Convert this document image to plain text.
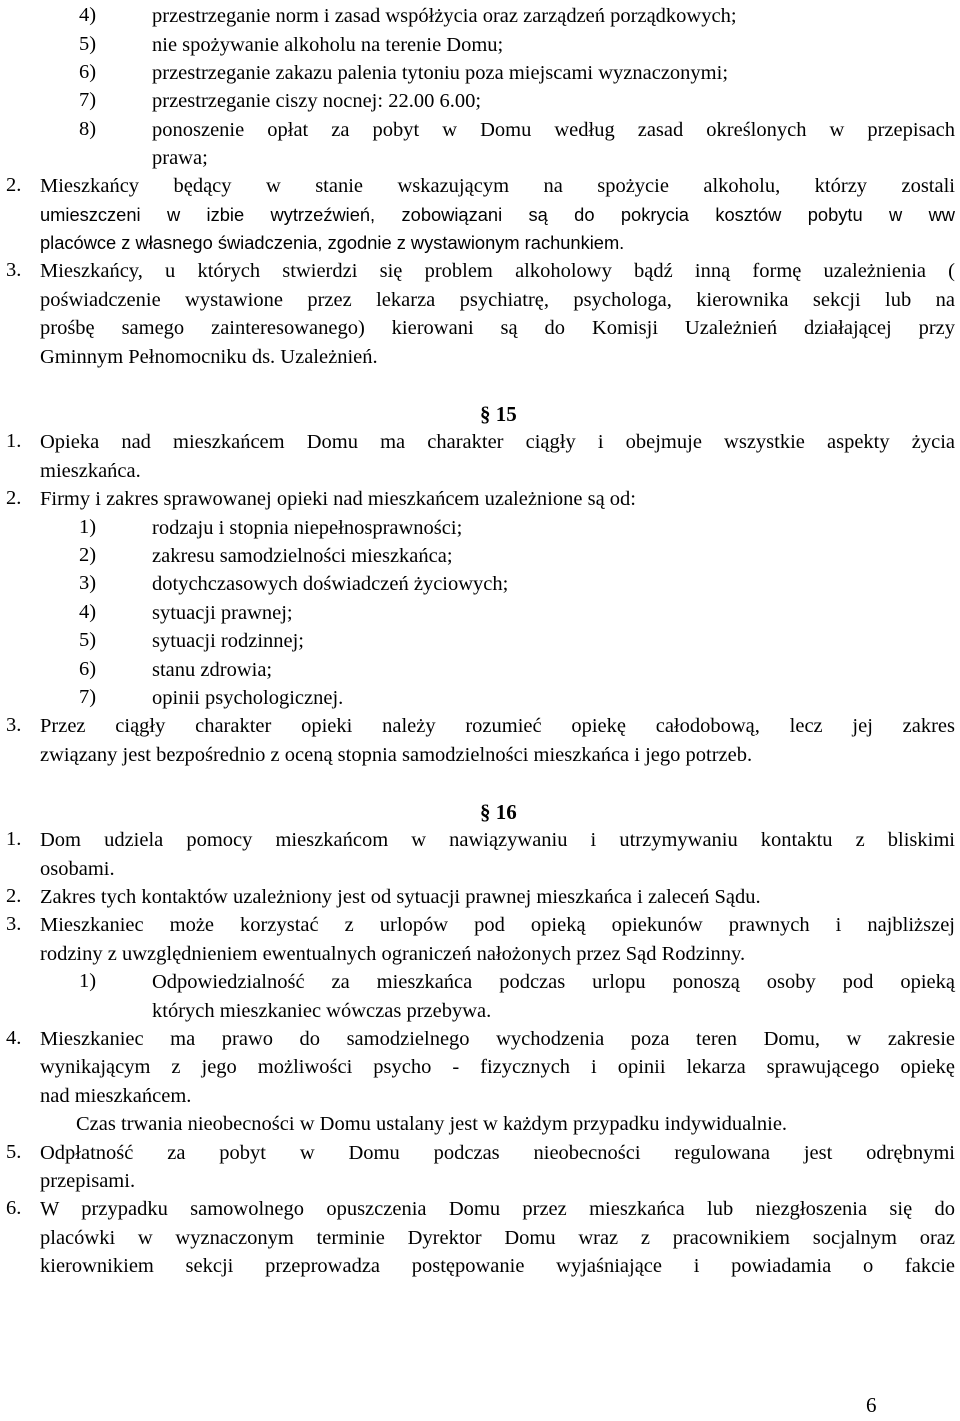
4)	przestrzeganie norm i zasad współżycia oraz zarządzeń porządkowych;
5)	nie spożywanie alkoholu na terenie Domu;
6)	przestrzeganie zakazu palenia tytoniu poza miejscami wyznaczonymi;
7)	przestrzeganie ciszy nocnej: 22.00 6.00;
8)	ponoszenie opłat za pobyt w Domu według zasad określonych w przepisach
prawa;
2. Mieszkańcy będący w stanie wskazującym na spożycie alkoholu, którzy zostali
umieszczeni w izbie wytrzeźwień, zobowiązani są do pokrycia kosztów pobytu w ww
placówce z własnego świadczenia, zgodnie z wystawionym rachunkiem.
3. Mieszkańcy, u których stwierdzi się problem alkoholowy bądź inną formę uzależnienia (
poświadczenie wystawione przez lekarza psychiatrę, psychologa, kierownika sekcji lub na
prośbę samego zainteresowanego) kierowani są do Komisji Uzależnień działającej przy
Gminnym Pełnomocniku ds. Uzależnień.
§ 15
1. Opieka nad mieszkańcem Domu ma charakter ciągły i obejmuje wszystkie aspekty życia
mieszkańca.
2. Firmy i zakres sprawowanej opieki nad mieszkańcem uzależnione są od:
1)	rodzaju i stopnia niepełnosprawności;
2)	zakresu samodzielności mieszkańca;
3)	dotychczasowych doświadczeń życiowych;
4)	sytuacji prawnej;
5)	sytuacji rodzinnej;
6)	stanu zdrowia;
7)	opinii psychologicznej.
3. Przez ciągły charakter opieki należy rozumieć opiekę całodobową, lecz jej zakres
związany jest bezpośrednio z oceną stopnia samodzielności mieszkańca i jego potrzeb.
§ 16
1. Dom udziela pomocy mieszkańcom w nawiązywaniu i utrzymywaniu kontaktu z bliskimi
osobami.
2. Zakres tych kontaktów uzależniony jest od sytuacji prawnej mieszkańca i zaleceń Sądu.
3. Mieszkaniec może korzystać z urlopów pod opieką opiekunów prawnych i najbliższej
rodziny z uwzględnieniem ewentualnych ograniczeń nałożonych przez Sąd Rodzinny.
1)	Odpowiedzialność za mieszkańca podczas urlopu ponoszą osoby pod opieką
których mieszkaniec wówczas przebywa.
4. Mieszkaniec ma prawo do samodzielnego wychodzenia poza teren Domu, w zakresie
wynikającym z jego możliwości psycho - fizycznych i opinii lekarza sprawującego opiekę
nad mieszkańcem.
Czas trwania nieobecności w Domu ustalany jest w każdym przypadku indywidualnie.
5. Odpłatność za pobyt w Domu podczas nieobecności regulowana jest odrębnymi
przepisami.
6. W przypadku samowolnego opuszczenia Domu przez mieszkańca lub niezgłoszenia się do
placówki w wyznaczonym terminie Dyrektor Domu wraz z pracownikiem socjalnym oraz
kierownikiem sekcji przeprowadza postępowanie wyjaśniające i powiadamia o fakcie
6
